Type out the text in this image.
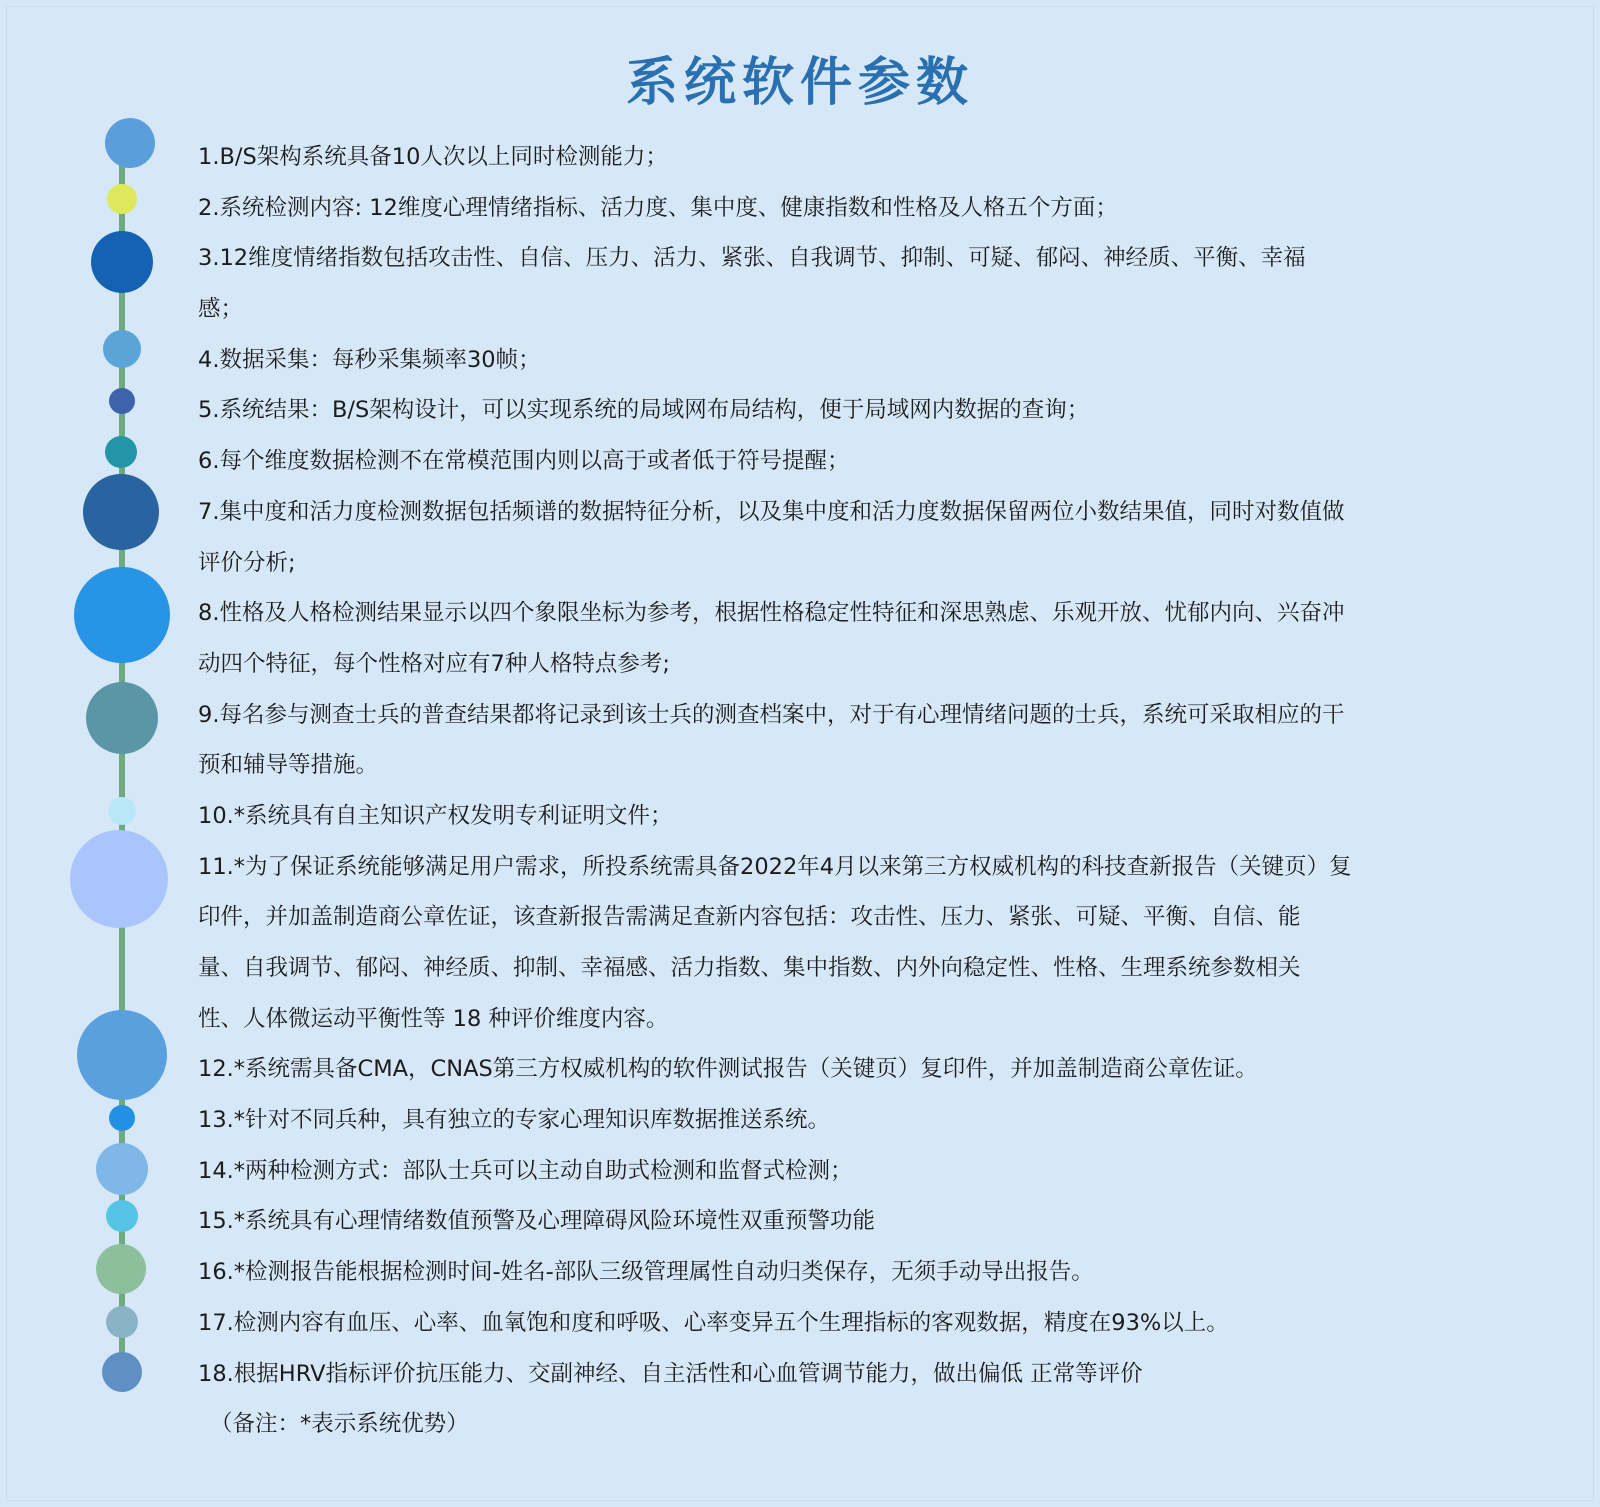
系统软件参数
1.B/S架构系统具备10人次以上同时检测能力；
2.系统检测内容: 12维度心理情绪指标、活力度、集中度、健康指数和性格及人格五个方面；
3.12维度情绪指数包括攻击性、自信、压力、活力、紧张、自我调节、抑制、可疑、郁闷、神经质、平衡、幸福
感；
4.数据采集：每秒采集频率30帧；
5.系统结果：B/S架构设计，可以实现系统的局域网布局结构，便于局域网内数据的查询；
6.每个维度数据检测不在常模范围内则以高于或者低于符号提醒；
7.集中度和活力度检测数据包括频谱的数据特征分析，以及集中度和活力度数据保留两位小数结果值，同时对数值做
评价分析;
8.性格及人格检测结果显示以四个象限坐标为参考，根据性格稳定性特征和深思熟虑、乐观开放、忧郁内向、兴奋冲
动四个特征，每个性格对应有7种人格特点参考;
9.每名参与测查士兵的普查结果都将记录到该士兵的测查档案中，对于有心理情绪问题的士兵，系统可采取相应的干
预和辅导等措施。
10.*系统具有自主知识产权发明专利证明文件；
11.*为了保证系统能够满足用户需求，所投系统需具备2022年4月以来第三方权威机构的科技查新报告（关键页）复
印件，并加盖制造商公章佐证，该查新报告需满足查新内容包括：攻击性、压力、紧张、可疑、平衡、自信、能
量、自我调节、郁闷、神经质、抑制、幸福感、活力指数、集中指数、内外向稳定性、性格、生理系统参数相关
性、人体微运动平衡性等 18 种评价维度内容。
12.*系统需具备CMA，CNAS第三方权威机构的软件测试报告（关键页）复印件，并加盖制造商公章佐证。
13.*针对不同兵种，具有独立的专家心理知识库数据推送系统。
14.*两种检测方式：部队士兵可以主动自助式检测和监督式检测；
15.*系统具有心理情绪数值预警及心理障碍风险环境性双重预警功能
16.*检测报告能根据检测时间-姓名-部队三级管理属性自动归类保存，无须手动导出报告。
17.检测内容有血压、心率、血氧饱和度和呼吸、心率变异五个生理指标的客观数据，精度在93%以上。
18.根据HRV指标评价抗压能力、交副神经、自主活性和心血管调节能力，做出偏低 正常等评价
（备注：*表示系统优势）
